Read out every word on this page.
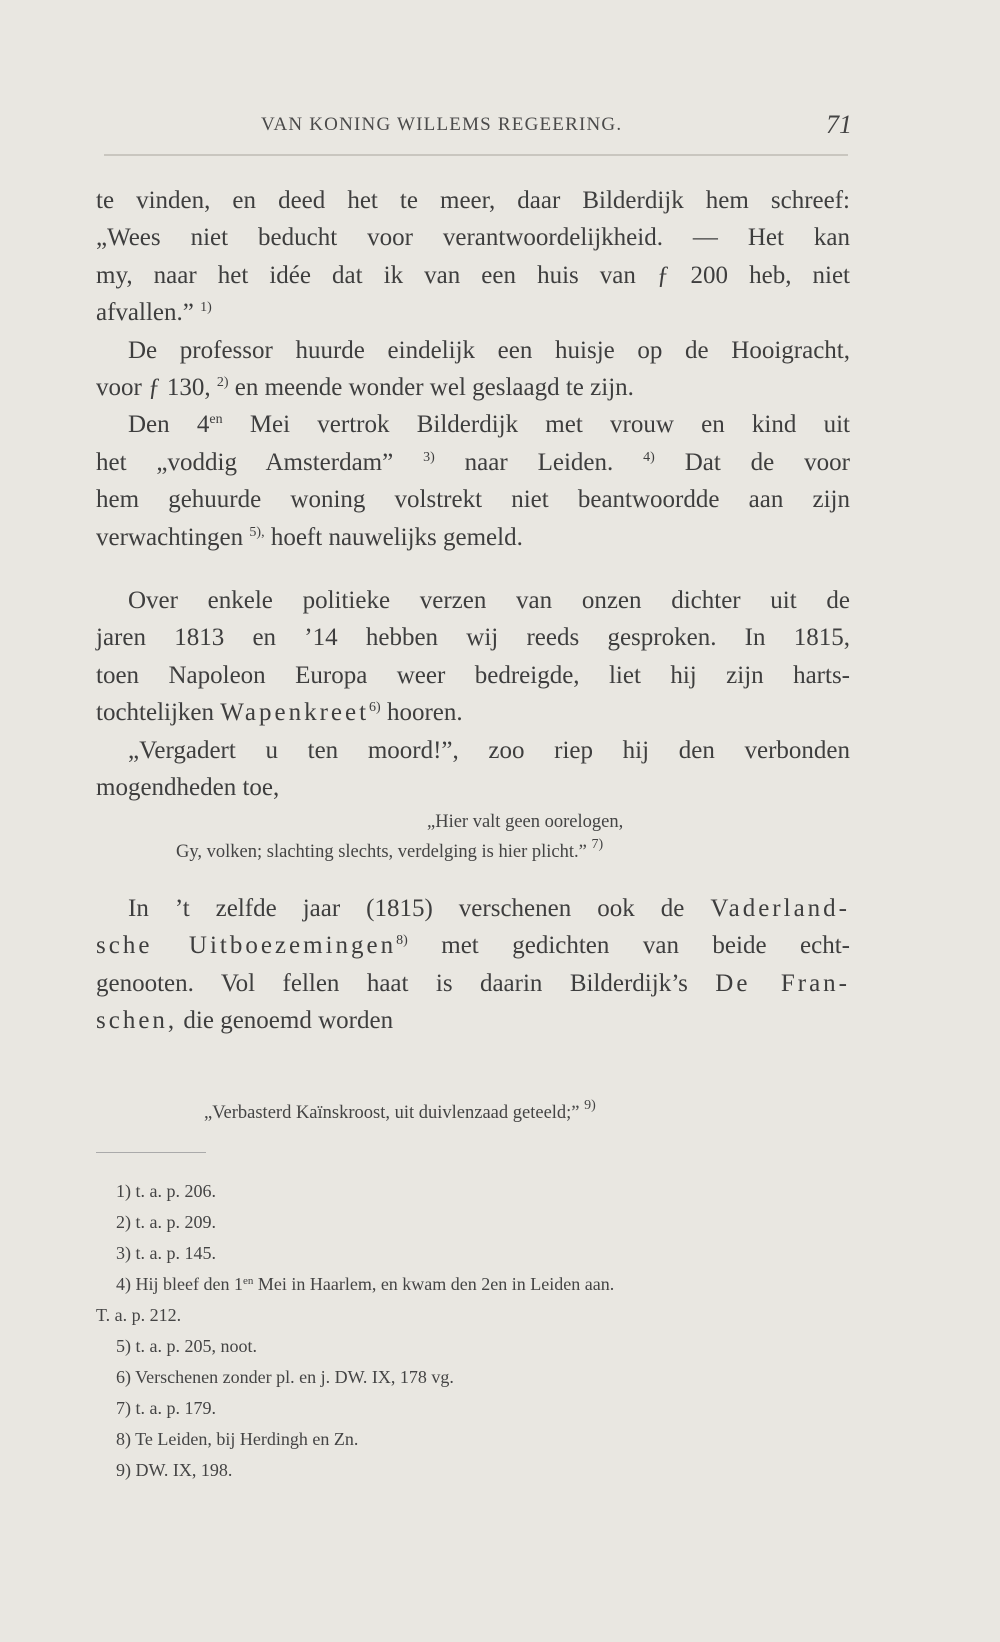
VAN KONING WILLEMS REGEERING.	71

te vinden, en deed het te meer, daar Bilderdijk hem schreef:
„Wees niet beducht voor verantwoordelijkheid. — Het kan
my, naar het idée dat ik van een huis van ƒ 200 heb, niet
afvallen.” $^{1)}$

De professor huurde eindelijk een huisje op de Hooigracht,
voor ƒ 130, $^{2)}$ en meende wonder wel geslaagd te zijn.

Den $4^{en}$ Mei vertrok Bilderdijk met vrouw en kind uit
het „voddig Amsterdam” $^{3)}$ naar Leiden. $^{4)}$ Dat de voor
hem gehuurde woning volstrekt niet beantwoordde aan zijn
verwachtingen $^{5),}$ hoeft nauwelijks gemeld.

Over enkele politieke verzen van onzen dichter uit de
jaren 1813 en ’14 hebben wij reeds gesproken. In 1815,
toen Napoleon Europa weer bedreigde, liet hij zijn harts-
tochtelijken Wapenkreet$^{6)}$ hooren.

„Vergadert u ten moord!”, zoo riep hij den verbonden
mogendheden toe,

„Hier valt geen oorelogen,
Gy, volken; slachting slechts, verdelging is hier plicht.” $^{7)}$

In ’t zelfde jaar (1815) verschenen ook de Vaderland-
sche Uitboezemingen$^{8)}$ met gedichten van beide echt-
genooten. Vol fellen haat is daarin Bilderdijk’s De Fran-
schen, die genoemd worden

„Verbasterd Kaïnskroost, uit duivlenzaad geteeld;” $^{9)}$
1) t. a. p. 206.
2) t. a. p. 209.
3) t. a. p. 145.
4) Hij bleef den $1^{en}$ Mei in Haarlem, en kwam den 2en in Leiden aan.
T. a. p. 212.
5) t. a. p. 205, noot.
6) Verschenen zonder pl. en j. DW. IX, 178 vg.
7) t. a. p. 179.
8) Te Leiden, bij Herdingh en Zn.
9) DW. IX, 198.
